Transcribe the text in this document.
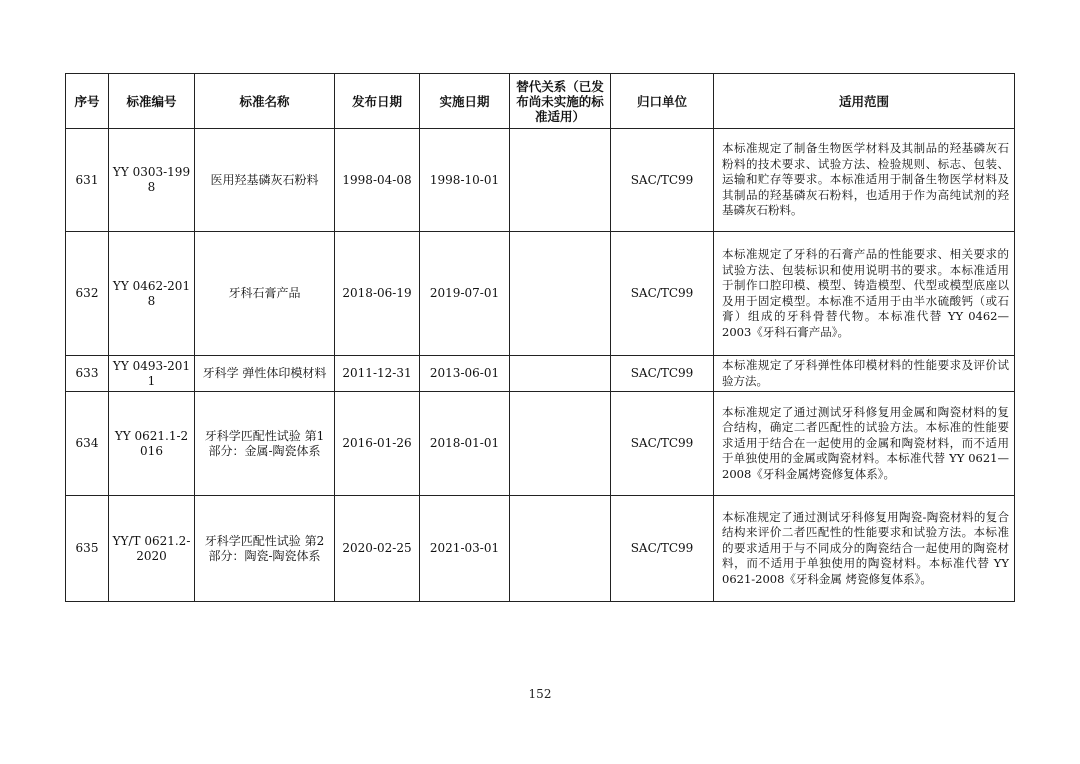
序号	标准编号	标准名称	发布日期	实施日期	替代关系（已发布尚未实施的标准适用）	归口单位	适用范围
631	YY 0303-1998	医用羟基磷灰石粉料	1998-04-08	1998-10-01		SAC/TC99	本标准规定了制备生物医学材料及其制品的羟基磷灰石粉料的技术要求、试验方法、检验规则、标志、包装、运输和贮存等要求。本标准适用于制备生物医学材料及其制品的羟基磷灰石粉料，也适用于作为高纯试剂的羟基磷灰石粉料。
632	YY 0462-2018	牙科石膏产品	2018-06-19	2019-07-01		SAC/TC99	本标准规定了牙科的石膏产品的性能要求、相关要求的试验方法、包装标识和使用说明书的要求。本标准适用于制作口腔印模、模型、铸造模型、代型或模型底座以及用于固定模型。本标准不适用于由半水硫酸钙（或石膏）组成的牙科骨替代物。本标准代替 YY 0462—2003《牙科石膏产品》。
633	YY 0493-2011	牙科学 弹性体印模材料	2011-12-31	2013-06-01		SAC/TC99	本标准规定了牙科弹性体印模材料的性能要求及评价试验方法。
634	YY 0621.1-2016	牙科学匹配性试验 第1部分：金属-陶瓷体系	2016-01-26	2018-01-01		SAC/TC99	本标准规定了通过测试牙科修复用金属和陶瓷材料的复合结构，确定二者匹配性的试验方法。本标准的性能要求适用于结合在一起使用的金属和陶瓷材料，而不适用于单独使用的金属或陶瓷材料。本标准代替 YY 0621—2008《牙科金属烤瓷修复体系》。
635	YY/T 0621.2-2020	牙科学匹配性试验 第2部分：陶瓷-陶瓷体系	2020-02-25	2021-03-01		SAC/TC99	本标准规定了通过测试牙科修复用陶瓷-陶瓷材料的复合结构来评价二者匹配性的性能要求和试验方法。本标准的要求适用于与不同成分的陶瓷结合一起使用的陶瓷材料，而不适用于单独使用的陶瓷材料。本标准代替 YY 0621-2008《牙科金属 烤瓷修复体系》。
152
